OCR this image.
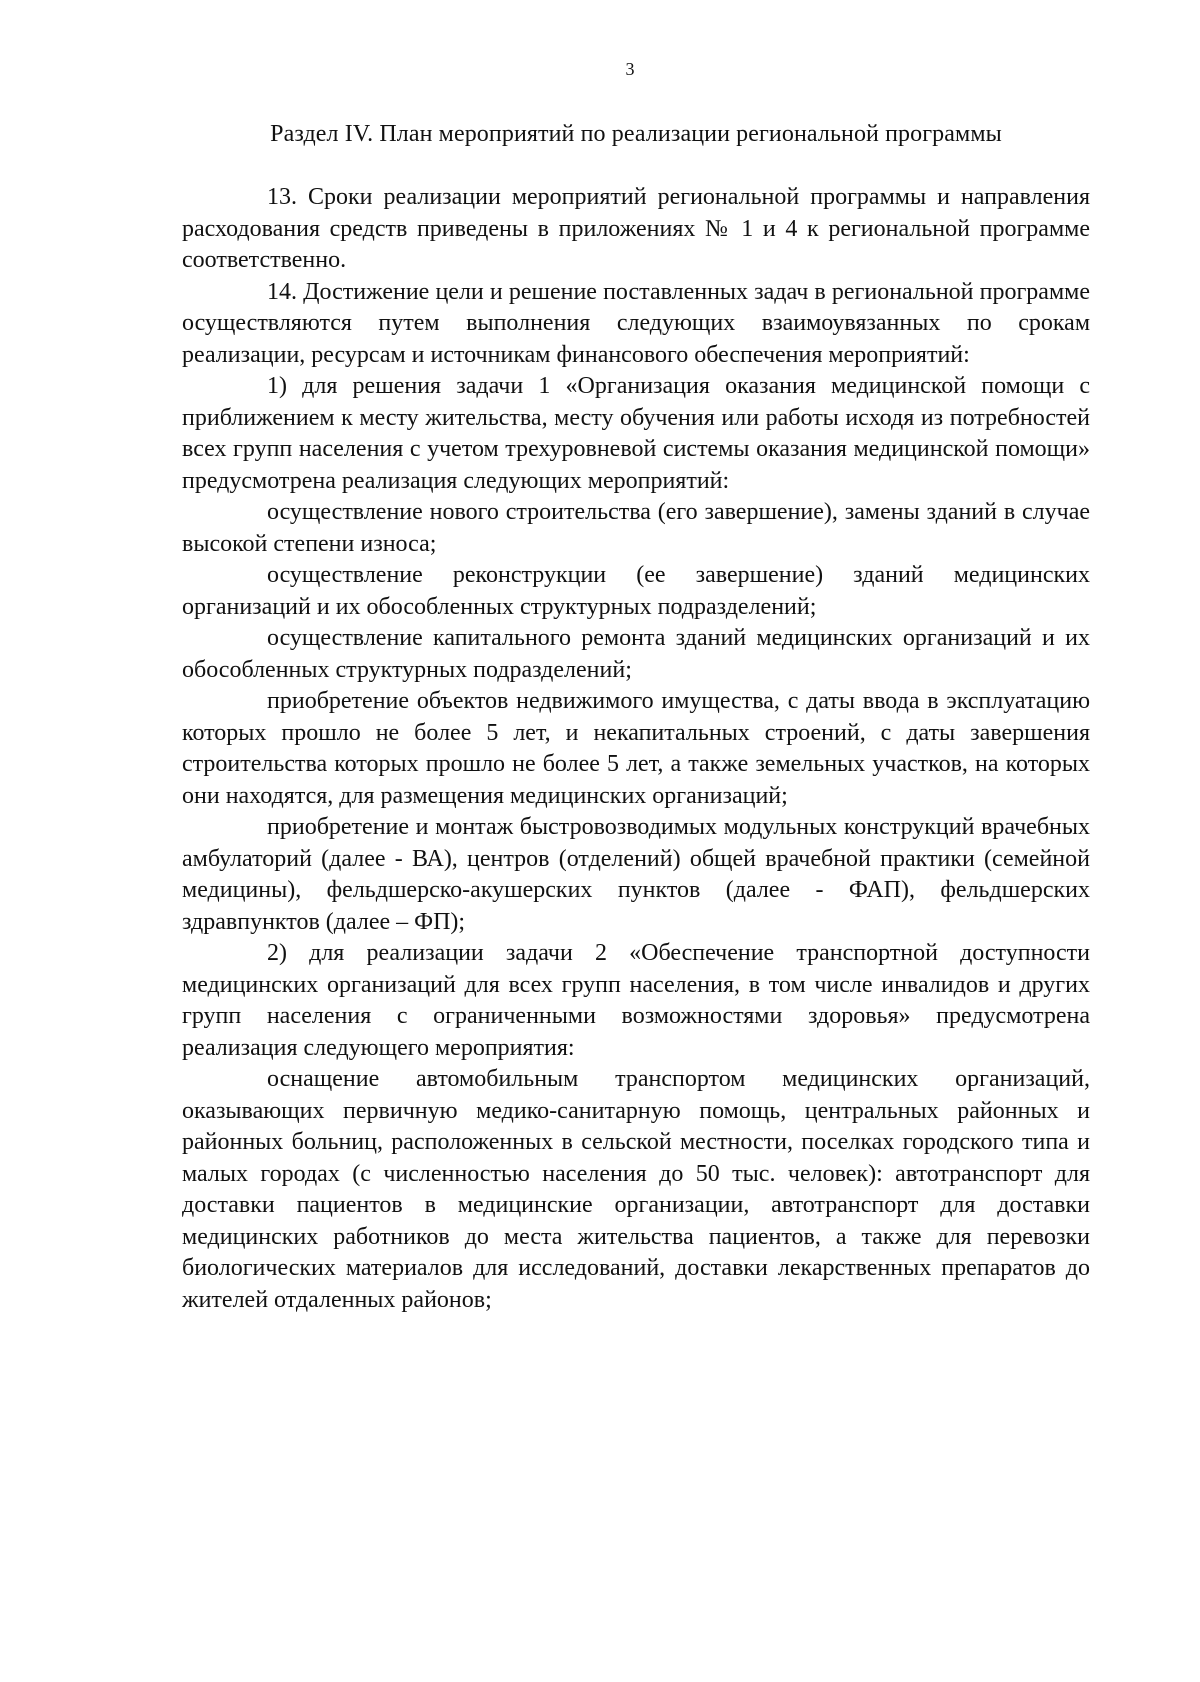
3
Раздел IV. План мероприятий по реализации региональной программы

13. Сроки реализации мероприятий региональной программы и направления расходования средств приведены в приложениях № 1 и 4 к региональной программе соответственно.

14. Достижение цели и решение поставленных задач в региональной программе осуществляются путем выполнения следующих взаимоувязанных по срокам реализации, ресурсам и источникам финансового обеспечения мероприятий:

1) для решения задачи 1 «Организация оказания медицинской помощи с приближением к месту жительства, месту обучения или работы исходя из потребностей всех групп населения с учетом трехуровневой системы оказания медицинской помощи» предусмотрена реализация следующих мероприятий:

осуществление нового строительства (его завершение), замены зданий в случае высокой степени износа;

осуществление реконструкции (ее завершение) зданий медицинских организаций и их обособленных структурных подразделений;

осуществление капитального ремонта зданий медицинских организаций и их обособленных структурных подразделений;

приобретение объектов недвижимого имущества, с даты ввода в эксплуатацию которых прошло не более 5 лет, и некапитальных строений, с даты завершения строительства которых прошло не более 5 лет, а также земельных участков, на которых они находятся, для размещения медицинских организаций;

приобретение и монтаж быстровозводимых модульных конструкций врачебных амбулаторий (далее - ВА), центров (отделений) общей врачебной практики (семейной медицины), фельдшерско-акушерских пунктов (далее - ФАП), фельдшерских здравпунктов (далее – ФП);

2) для реализации задачи 2 «Обеспечение транспортной доступности медицинских организаций для всех групп населения, в том числе инвалидов и других групп населения с ограниченными возможностями здоровья» предусмотрена реализация следующего мероприятия:

оснащение автомобильным транспортом медицинских организаций, оказывающих первичную медико-санитарную помощь, центральных районных и районных больниц, расположенных в сельской местности, поселках городского типа и малых городах (с численностью населения до 50 тыс. человек): автотранспорт для доставки пациентов в медицинские организации, автотранспорт для доставки медицинских работников до места жительства пациентов, а также для перевозки биологических материалов для исследований, доставки лекарственных препаратов до жителей отдаленных районов;
